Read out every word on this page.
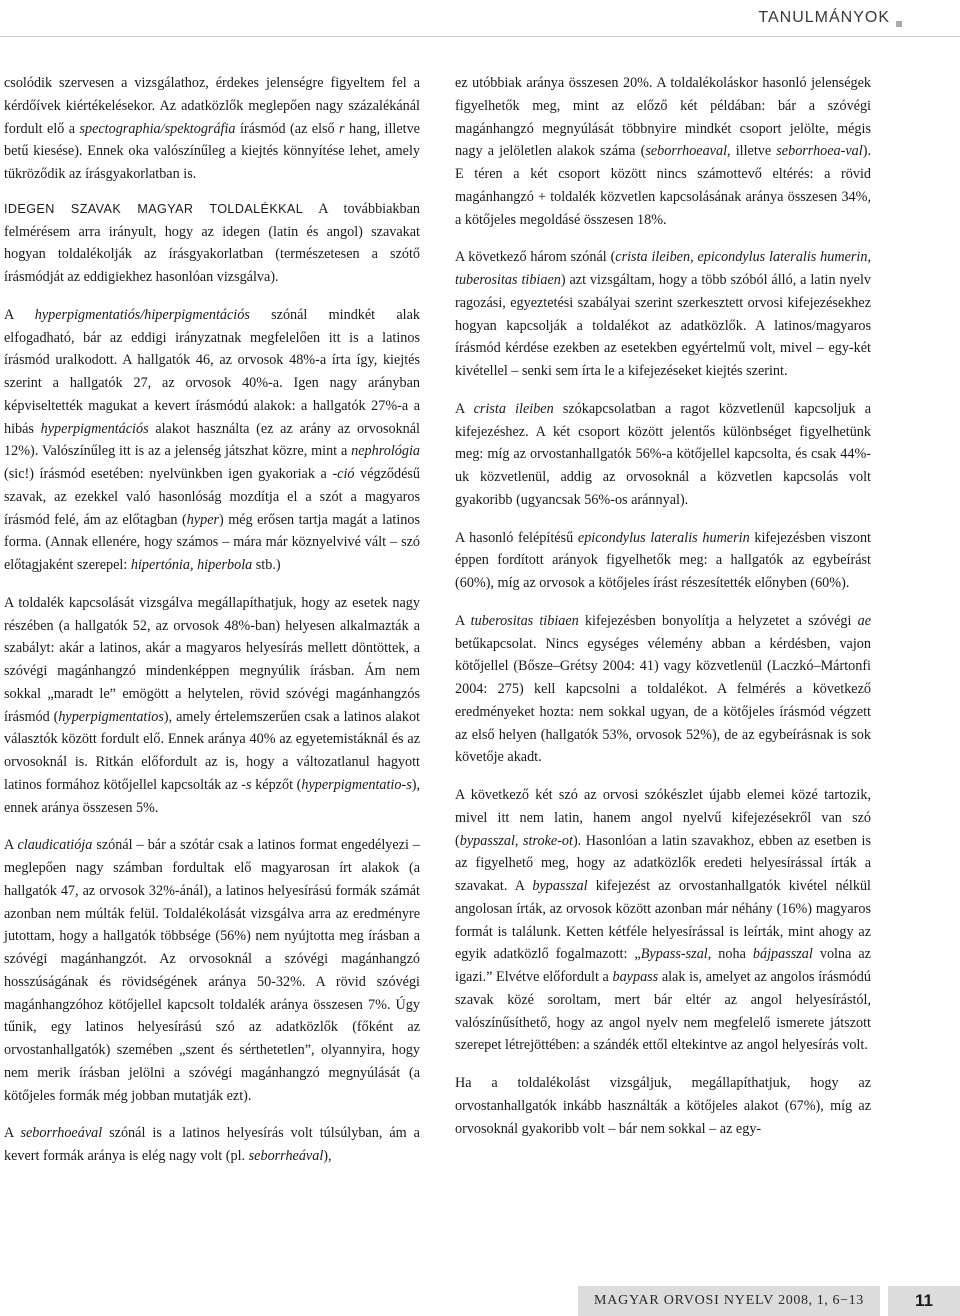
TANULMÁNYOK

csolódik szervesen a vizsgálathoz, érdekes jelenségre figyeltem fel a kérdőívek kiértékelésekor. Az adatközlők meglepően nagy százalékánál fordult elő a spectographia/spektográfia írásmód (az első r hang, illetve betű kiesése). Ennek oka valószínűleg a kiejtés könnyítése lehet, amely tükröződik az írásgyakorlatban is.

IDEGEN SZAVAK MAGYAR TOLDALÉKKAL A továbbiakban felmérésem arra irányult, hogy az idegen (latin és angol) szavakat hogyan toldalékolják az írásgyakorlatban (természetesen a szótő írásmódját az eddigiekhez hasonlóan vizsgálva).

A hyperpigmentatiós/hiperpigmentációs szónál mindkét alak elfogadható, bár az eddigi irányzatnak megfelelően itt is a latinos írásmód uralkodott. A hallgatók 46, az orvosok 48%-a írta így, kiejtés szerint a hallgatók 27, az orvosok 40%-a. Igen nagy arányban képviseltették magukat a kevert írásmódú alakok: a hallgatók 27%-a a hibás hyperpigmentációs alakot használta (ez az arány az orvosoknál 12%). Valószínűleg itt is az a jelenség játszhat közre, mint a nephrológia (sic!) írásmód esetében: nyelvünkben igen gyakoriak a -ció végződésű szavak, az ezekkel való hasonlóság mozdítja el a szót a magyaros írásmód felé, ám az előtagban (hyper) még erősen tartja magát a latinos forma. (Annak ellenére, hogy számos – mára már köznyelvivé vált – szó előtagjaként szerepel: hipertónia, hiperbola stb.)

A toldalék kapcsolását vizsgálva megállapíthatjuk, hogy az esetek nagy részében (a hallgatók 52, az orvosok 48%-ban) helyesen alkalmazták a szabályt: akár a latinos, akár a magyaros helyesírás mellett döntöttek, a szóvégi magánhangzó mindenképpen megnyúlik írásban. Ám nem sokkal „maradt le” emögött a helytelen, rövid szóvégi magánhangzós írásmód (hyperpigmentatios), amely értelemszerűen csak a latinos alakot választók között fordult elő. Ennek aránya 40% az egyetemistáknál és az orvosoknál is. Ritkán előfordult az is, hogy a változatlanul hagyott latinos formához kötőjellel kapcsolták az -s képzőt (hyperpigmentatio-s), ennek aránya összesen 5%.

A claudicatiója szónál – bár a szótár csak a latinos format engedélyezi – meglepően nagy számban fordultak elő magyarosan írt alakok (a hallgatók 47, az orvosok 32%-ánál), a latinos helyesírású formák számát azonban nem múlták felül. Toldalékolását vizsgálva arra az eredményre jutottam, hogy a hallgatók többsége (56%) nem nyújtotta meg írásban a szóvégi magánhangzót. Az orvosoknál a szóvégi magánhangzó hosszúságának és rövidségének aránya 50-32%. A rövid szóvégi magánhangzóhoz kötőjellel kapcsolt toldalék aránya összesen 7%. Úgy tűnik, egy latinos helyesírású szó az adatközlők (főként az orvostanhallgatók) szemében „szent és sérthetetlen”, olyannyira, hogy nem merik írásban jelölni a szóvégi magánhangzó megnyúlását (a kötőjeles formák még jobban mutatják ezt).

A seborrhoeával szónál is a latinos helyesírás volt túlsúlyban, ám a kevert formák aránya is elég nagy volt (pl. seborrheával),

ez utóbbiak aránya összesen 20%. A toldalékoláskor hasonló jelenségek figyelhetők meg, mint az előző két példában: bár a szóvégi magánhangzó megnyúlását többnyire mindkét csoport jelölte, mégis nagy a jelöletlen alakok száma (seborrhoeaval, illetve seborrhoea-val). E téren a két csoport között nincs számottevő eltérés: a rövid magánhangzó + toldalék közvetlen kapcsolásának aránya összesen 34%, a kötőjeles megoldásé összesen 18%.

A következő három szónál (crista ileiben, epicondylus lateralis humerin, tuberositas tibiaen) azt vizsgáltam, hogy a több szóból álló, a latin nyelv ragozási, egyeztetési szabályai szerint szerkesztett orvosi kifejezésekhez hogyan kapcsolják a toldalékot az adatközlők. A latinos/magyaros írásmód kérdése ezekben az esetekben egyértelmű volt, mivel – egy-két kivétellel – senki sem írta le a kifejezéseket kiejtés szerint.

A crista ileiben szókapcsolatban a ragot közvetlenül kapcsoljuk a kifejezéshez. A két csoport között jelentős különbséget figyelhetünk meg: míg az orvostanhallgatók 56%-a kötőjellel kapcsolta, és csak 44%-uk közvetlenül, addig az orvosoknál a közvetlen kapcsolás volt gyakoribb (ugyancsak 56%-os aránnyal).

A hasonló felépítésű epicondylus lateralis humerin kifejezésben viszont éppen fordított arányok figyelhetők meg: a hallgatók az egybeírást (60%), míg az orvosok a kötőjeles írást részesítették előnyben (60%).

A tuberositas tibiaen kifejezésben bonyolítja a helyzetet a szóvégi ae betűkapcsolat. Nincs egységes vélemény abban a kérdésben, vajon kötőjellel (Bősze–Grétsy 2004: 41) vagy közvetlenül (Laczkó–Mártonfi 2004: 275) kell kapcsolni a toldalékot. A felmérés a következő eredményeket hozta: nem sokkal ugyan, de a kötőjeles írásmód végzett az első helyen (hallgatók 53%, orvosok 52%), de az egybeírásnak is sok követője akadt.

A következő két szó az orvosi szókészlet újabb elemei közé tartozik, mivel itt nem latin, hanem angol nyelvű kifejezésekről van szó (bypasszal, stroke-ot). Hasonlóan a latin szavakhoz, ebben az esetben is az figyelhető meg, hogy az adatközlők eredeti helyesírással írták a szavakat. A bypasszal kifejezést az orvostanhallgatók kivétel nélkül angolosan írták, az orvosok között azonban már néhány (16%) magyaros formát is találunk. Ketten kétféle helyesírással is leírták, mint ahogy az egyik adatközlő fogalmazott: „Bypass-szal, noha bájpasszal volna az igazi.” Elvétve előfordult a baypass alak is, amelyet az angolos írásmódú szavak közé soroltam, mert bár eltér az angol helyesírástól, valószínűsíthető, hogy az angol nyelv nem megfelelő ismerete játszott szerepet létrejöttében: a szándék ettől eltekintve az angol helyesírás volt.

Ha a toldalékolást vizsgáljuk, megállapíthatjuk, hogy az orvostanhallgatók inkább használták a kötőjeles alakot (67%), míg az orvosoknál gyakoribb volt – bár nem sokkal – az egy-

MAGYAR ORVOSI NYELV
2008, 1, 6−13	11
